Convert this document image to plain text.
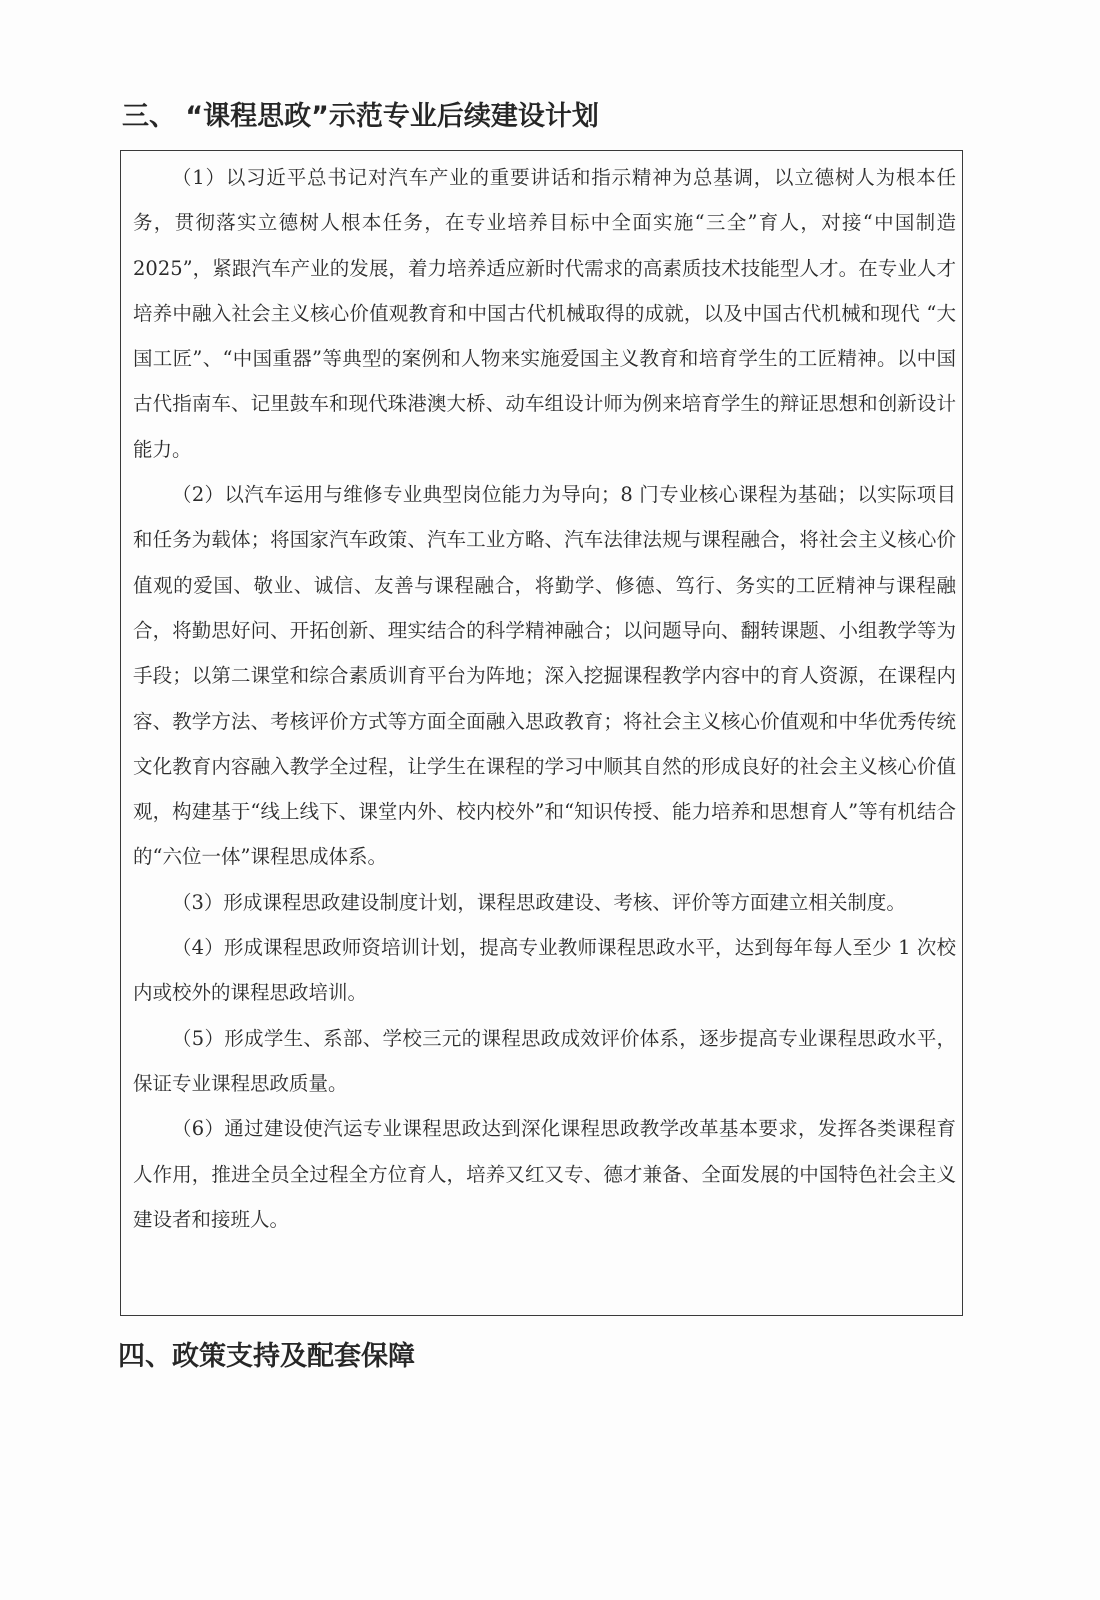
三、 “课程思政”示范专业后续建设计划

（1）以习近平总书记对汽车产业的重要讲话和指示精神为总基调，以立德树人为根本任务，贯彻落实立德树人根本任务，在专业培养目标中全面实施“三全”育人，对接“中国制造 2025”，紧跟汽车产业的发展，着力培养适应新时代需求的高素质技术技能型人才。在专业人才培养中融入社会主义核心价值观教育和中国古代机械取得的成就，以及中国古代机械和现代 “大国工匠”、“中国重器”等典型的案例和人物来实施爱国主义教育和培育学生的工匠精神。以中国古代指南车、记里鼓车和现代珠港澳大桥、动车组设计师为例来培育学生的辩证思想和创新设计能力。

（2）以汽车运用与维修专业典型岗位能力为导向；8 门专业核心课程为基础；以实际项目和任务为载体；将国家汽车政策、汽车工业方略、汽车法律法规与课程融合，将社会主义核心价值观的爱国、敬业、诚信、友善与课程融合，将勤学、修德、笃行、务实的工匠精神与课程融合，将勤思好问、开拓创新、理实结合的科学精神融合；以问题导向、翻转课题、小组教学等为手段；以第二课堂和综合素质训育平台为阵地；深入挖掘课程教学内容中的育人资源，在课程内容、教学方法、考核评价方式等方面全面融入思政教育；将社会主义核心价值观和中华优秀传统文化教育内容融入教学全过程，让学生在课程的学习中顺其自然的形成良好的社会主义核心价值观，构建基于“线上线下、课堂内外、校内校外”和“知识传授、能力培养和思想育人”等有机结合的“六位一体”课程思成体系。

（3）形成课程思政建设制度计划，课程思政建设、考核、评价等方面建立相关制度。

（4）形成课程思政师资培训计划，提高专业教师课程思政水平，达到每年每人至少 1 次校内或校外的课程思政培训。

（5）形成学生、系部、学校三元的课程思政成效评价体系，逐步提高专业课程思政水平，保证专业课程思政质量。

（6）通过建设使汽运专业课程思政达到深化课程思政教学改革基本要求，发挥各类课程育人作用，推进全员全过程全方位育人，培养又红又专、德才兼备、全面发展的中国特色社会主义建设者和接班人。

四、政策支持及配套保障
